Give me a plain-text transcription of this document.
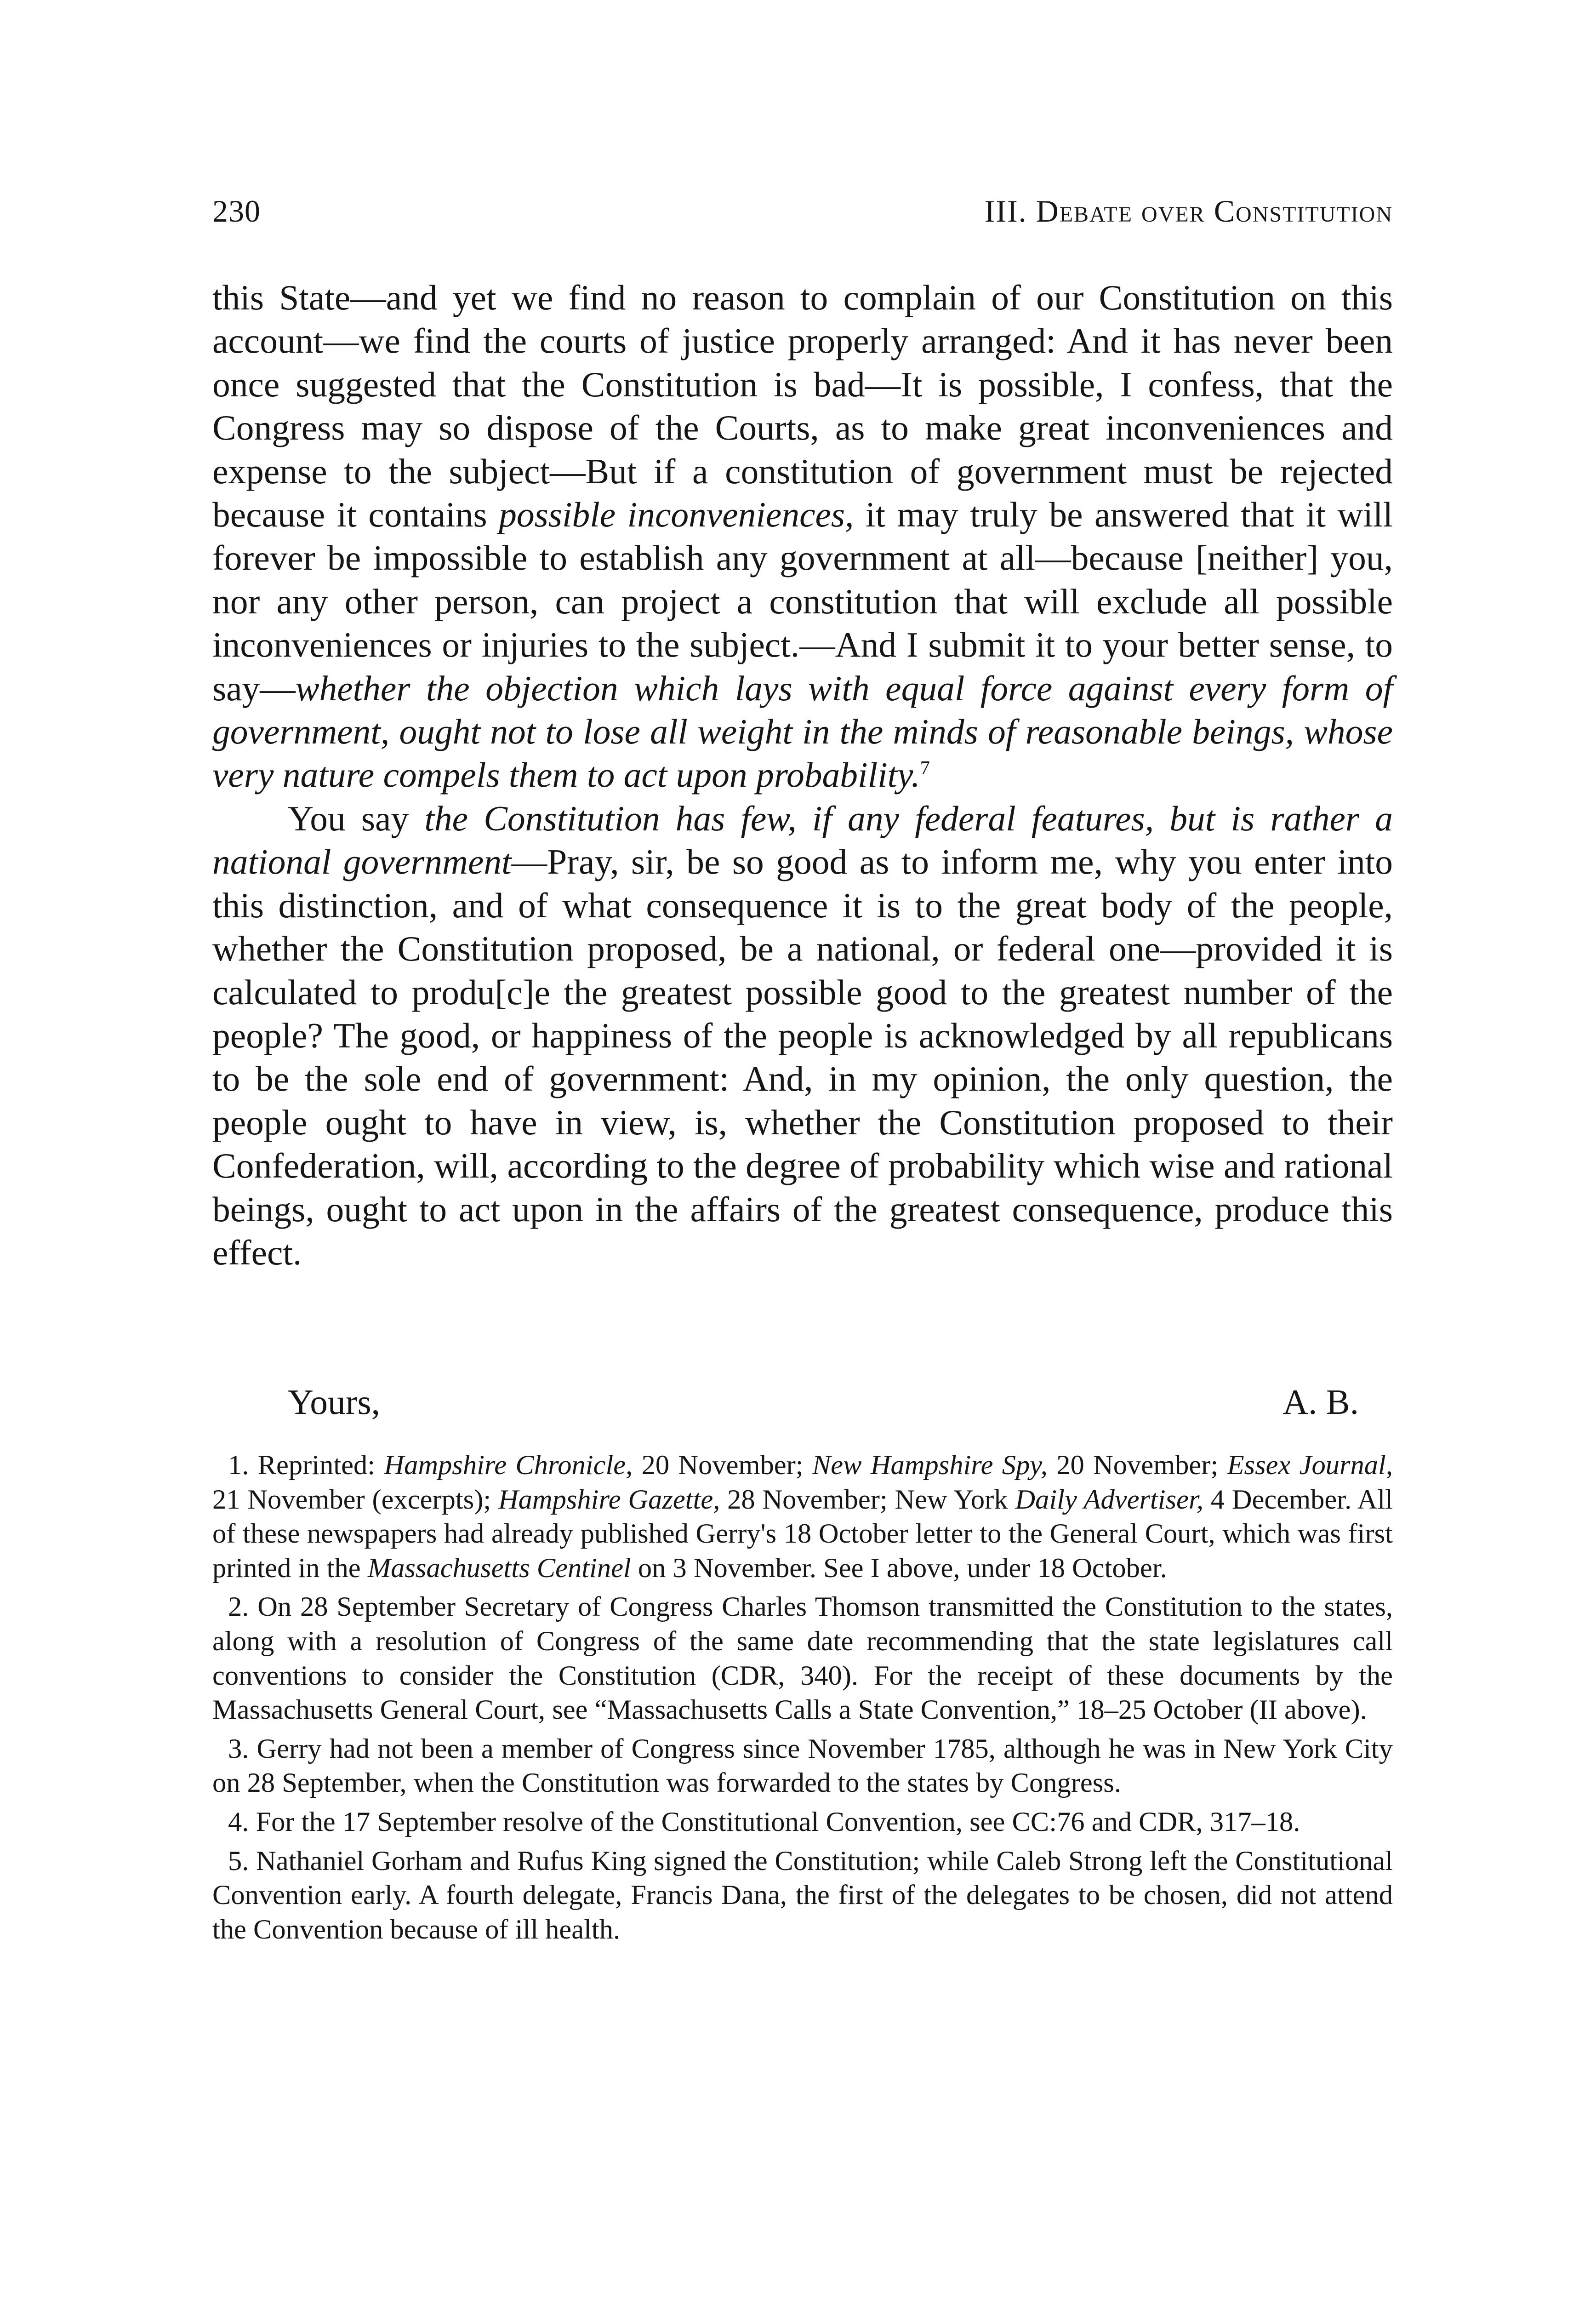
230	III. Debate over Constitution

this State—and yet we find no reason to complain of our Constitution on this account—we find the courts of justice properly arranged: And it has never been once suggested that the Constitution is bad—It is possible, I confess, that the Congress may so dispose of the Courts, as to make great inconveniences and expense to the subject—But if a constitution of government must be rejected because it contains possible inconveniences, it may truly be answered that it will forever be impossible to establish any government at all—because [neither] you, nor any other person, can project a constitution that will exclude all possible inconveniences or injuries to the subject.—And I submit it to your better sense, to say—whether the objection which lays with equal force against every form of government, ought not to lose all weight in the minds of reasonable beings, whose very nature compels them to act upon probability.$^7$

You say the Constitution has few, if any federal features, but is rather a national government—Pray, sir, be so good as to inform me, why you enter into this distinction, and of what consequence it is to the great body of the people, whether the Constitution proposed, be a national, or federal one—provided it is calculated to produ[c]e the greatest possible good to the greatest number of the people? The good, or happiness of the people is acknowledged by all republicans to be the sole end of government: And, in my opinion, the only question, the people ought to have in view, is, whether the Constitution proposed to their Confederation, will, according to the degree of probability which wise and rational beings, ought to act upon in the affairs of the greatest consequence, produce this effect.

Yours,	A. B.

1. Reprinted: Hampshire Chronicle, 20 November; New Hampshire Spy, 20 November; Essex Journal, 21 November (excerpts); Hampshire Gazette, 28 November; New York Daily Advertiser, 4 December. All of these newspapers had already published Gerry's 18 October letter to the General Court, which was first printed in the Massachusetts Centinel on 3 November. See I above, under 18 October.

2. On 28 September Secretary of Congress Charles Thomson transmitted the Constitution to the states, along with a resolution of Congress of the same date recommending that the state legislatures call conventions to consider the Constitution (CDR, 340). For the receipt of these documents by the Massachusetts General Court, see “Massachusetts Calls a State Convention,” 18–25 October (II above).

3. Gerry had not been a member of Congress since November 1785, although he was in New York City on 28 September, when the Constitution was forwarded to the states by Congress.

4. For the 17 September resolve of the Constitutional Convention, see CC:76 and CDR, 317–18.

5. Nathaniel Gorham and Rufus King signed the Constitution; while Caleb Strong left the Constitutional Convention early. A fourth delegate, Francis Dana, the first of the delegates to be chosen, did not attend the Convention because of ill health.
